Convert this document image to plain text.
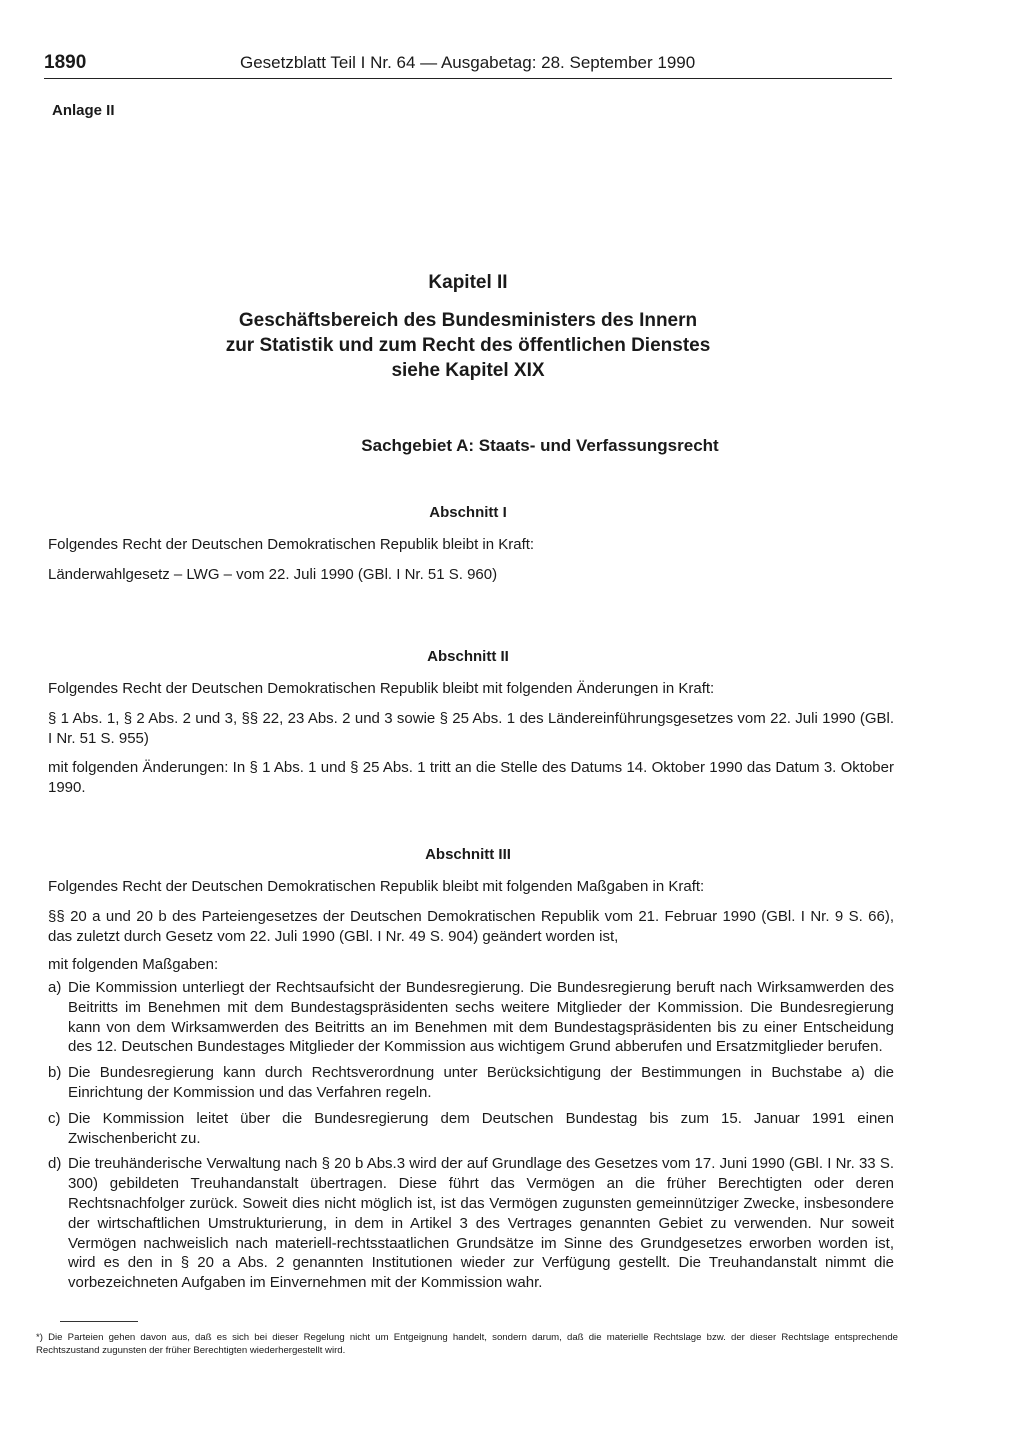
1890	Gesetzblatt Teil I Nr. 64 — Ausgabetag: 28. September 1990
Anlage II
Kapitel II
Geschäftsbereich des Bundesministers des Innern
zur Statistik und zum Recht des öffentlichen Dienstes
siehe Kapitel XIX
Sachgebiet A: Staats- und Verfassungsrecht
Abschnitt I
Folgendes Recht der Deutschen Demokratischen Republik bleibt in Kraft:
Länderwahlgesetz – LWG – vom 22. Juli 1990 (GBl. I Nr. 51 S. 960)
Abschnitt II
Folgendes Recht der Deutschen Demokratischen Republik bleibt mit folgenden Änderungen in Kraft:
§ 1 Abs. 1, § 2 Abs. 2 und 3, §§ 22, 23 Abs. 2 und 3 sowie § 25 Abs. 1 des Ländereinführungsgesetzes vom 22. Juli 1990 (GBl. I Nr. 51 S. 955)
mit folgenden Änderungen: In § 1 Abs. 1 und § 25 Abs. 1 tritt an die Stelle des Datums 14. Oktober 1990 das Datum 3. Oktober 1990.
Abschnitt III
Folgendes Recht der Deutschen Demokratischen Republik bleibt mit folgenden Maßgaben in Kraft:
§§ 20 a und 20 b des Parteiengesetzes der Deutschen Demokratischen Republik vom 21. Februar 1990 (GBl. I Nr. 9 S. 66), das zuletzt durch Gesetz vom 22. Juli 1990 (GBl. I Nr. 49 S. 904) geändert worden ist,
mit folgenden Maßgaben:
a) Die Kommission unterliegt der Rechtsaufsicht der Bundesregierung. Die Bundesregierung beruft nach Wirksamwerden des Beitritts im Benehmen mit dem Bundestagspräsidenten sechs weitere Mitglieder der Kommission. Die Bundesregierung kann von dem Wirksamwerden des Beitritts an im Benehmen mit dem Bundestagspräsidenten bis zu einer Entscheidung des 12. Deutschen Bundestages Mitglieder der Kommission aus wichtigem Grund abberufen und Ersatzmitglieder berufen.
b) Die Bundesregierung kann durch Rechtsverordnung unter Berücksichtigung der Bestimmungen in Buchstabe a) die Einrichtung der Kommission und das Verfahren regeln.
c) Die Kommission leitet über die Bundesregierung dem Deutschen Bundestag bis zum 15. Januar 1991 einen Zwischenbericht zu.
d) Die treuhänderische Verwaltung nach § 20 b Abs.3 wird der auf Grundlage des Gesetzes vom 17. Juni 1990 (GBl. I Nr. 33 S. 300) gebildeten Treuhandanstalt übertragen. Diese führt das Vermögen an die früher Berechtigten oder deren Rechtsnachfolger zurück. Soweit dies nicht möglich ist, ist das Vermögen zugunsten gemeinnütziger Zwecke, insbesondere der wirtschaftlichen Umstrukturierung, in dem in Artikel 3 des Vertrages genannten Gebiet zu verwenden. Nur soweit Vermögen nachweislich nach materiell-rechtsstaatlichen Grundsätze im Sinne des Grundgesetzes erworben worden ist, wird es den in § 20 a Abs. 2 genannten Institutionen wieder zur Verfügung gestellt. Die Treuhandanstalt nimmt die vorbezeichneten Aufgaben im Einvernehmen mit der Kommission wahr.
*) Die Parteien gehen davon aus, daß es sich bei dieser Regelung nicht um Entgeignung handelt, sondern darum, daß die materielle Rechtslage bzw. der dieser Rechtslage entsprechende Rechtszustand zugunsten der früher Berechtigten wiederhergestellt wird.
